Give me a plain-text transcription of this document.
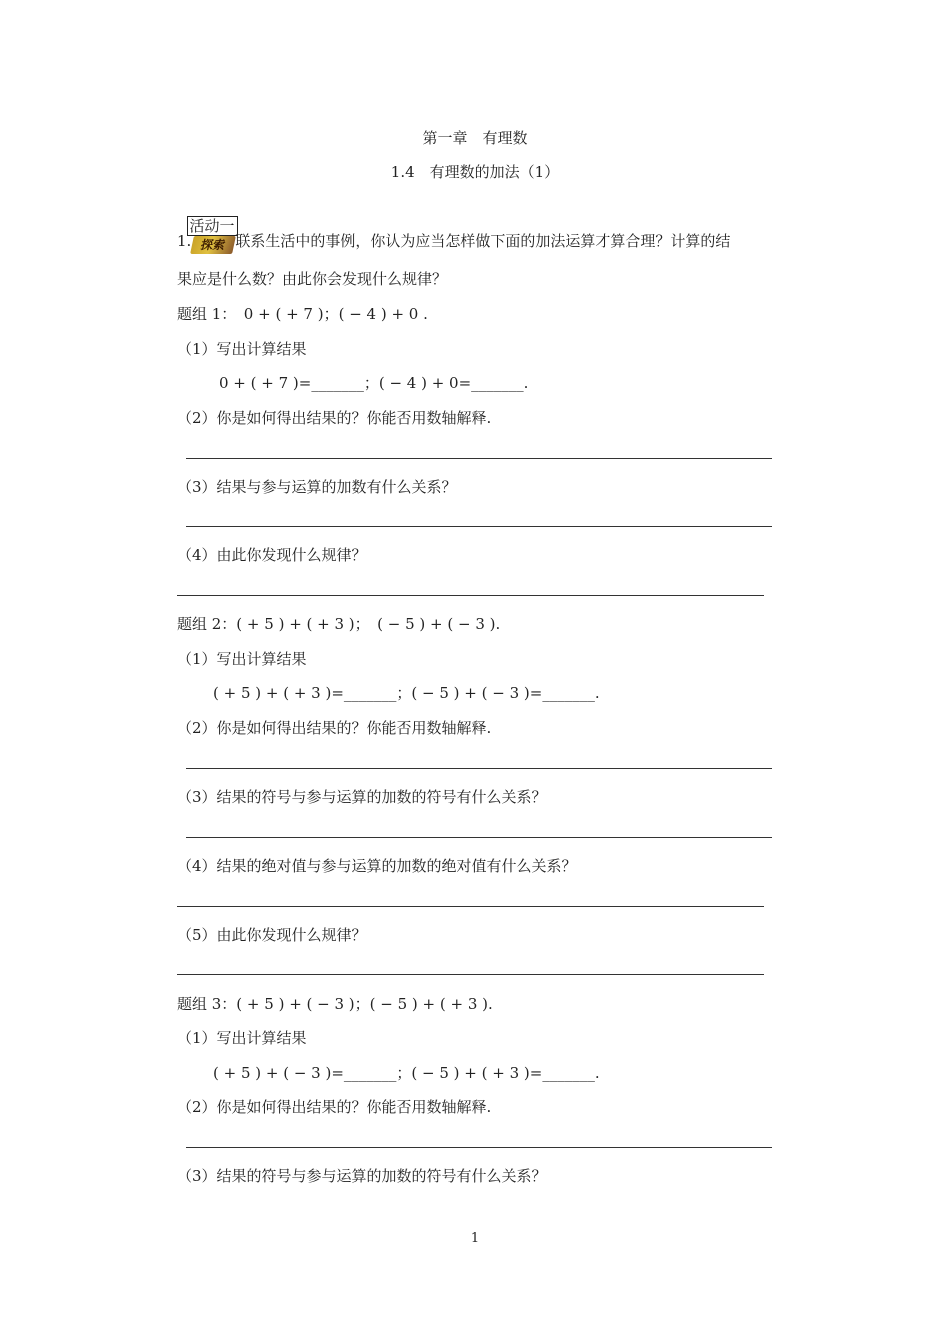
第一章　有理数
1.4　有理数的加法（1）

活动一

1. 探索 联系生活中的事例，你认为应当怎样做下面的加法运算才算合理？计算的结
果应是什么数？由此你会发现什么规律？
题组 1：　0 + ( + 7 )；( − 4 ) + 0 .
（1）写出计算结果
0 + ( + 7 )=_______；( − 4 ) + 0=_______.
（2）你是如何得出结果的？你能否用数轴解释.
（3）结果与参与运算的加数有什么关系？
（4）由此你发现什么规律？
题组 2：( + 5 ) + ( + 3 )；　( − 5 ) + ( − 3 ).
（1）写出计算结果
( + 5 ) + ( + 3 )=_______；( − 5 ) + ( − 3 )=_______.
（2）你是如何得出结果的？你能否用数轴解释.
（3）结果的符号与参与运算的加数的符号有什么关系？
（4）结果的绝对值与参与运算的加数的绝对值有什么关系？
（5）由此你发现什么规律？
题组 3：( + 5 ) + ( − 3 )；( − 5 ) + ( + 3 ).
（1）写出计算结果
( + 5 ) + ( − 3 )=_______；( − 5 ) + ( + 3 )=_______.
（2）你是如何得出结果的？你能否用数轴解释.
（3）结果的符号与参与运算的加数的符号有什么关系？
1
